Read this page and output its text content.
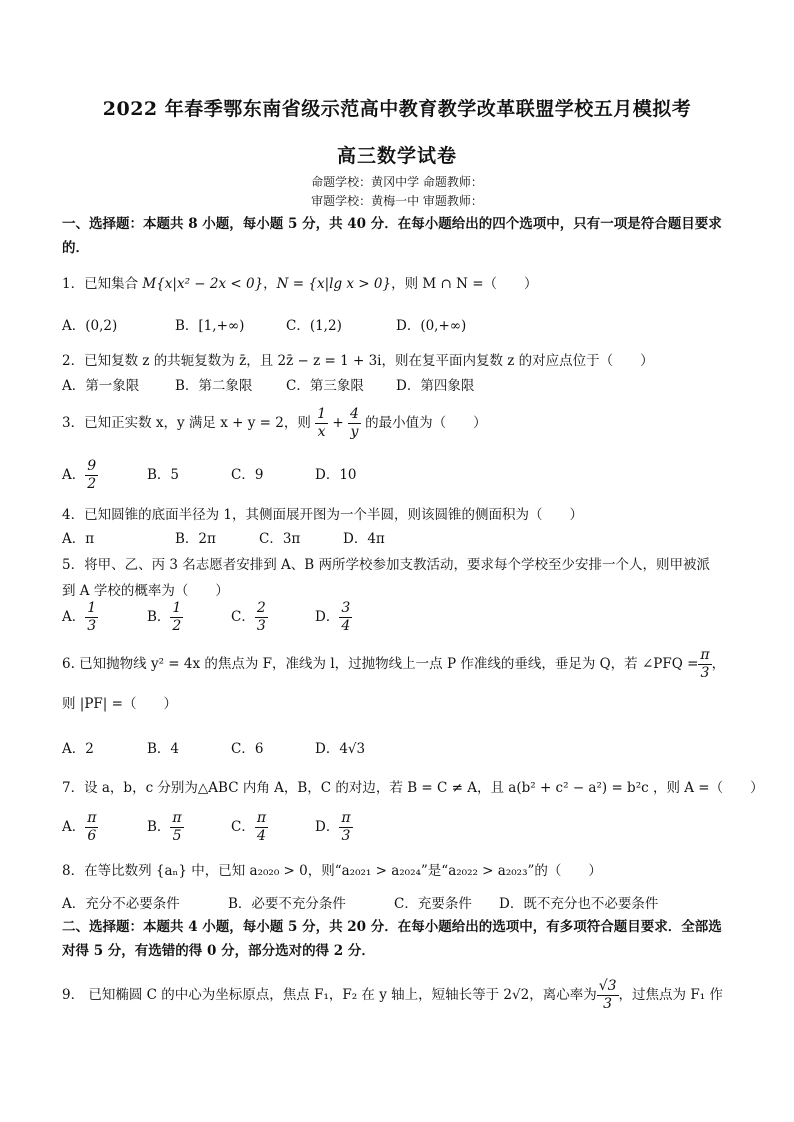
2022 年春季鄂东南省级示范高中教育教学改革联盟学校五月模拟考
高三数学试卷
命题学校：黄冈中学 命题教师：
审题学校：黄梅一中 审题教师：
一、选择题：本题共 8 小题，每小题 5 分，共 40 分．在每小题给出的四个选项中，只有一项是符合题目要求
的．
1．已知集合 M{x|x² − 2x < 0}，N = {x|lg x > 0}，则 M ∩ N =（　　）
A．(0,2)	B．[1,+∞)	C．(1,2)	D．(0,+∞)
2．已知复数 z 的共轭复数为 z̄，且 2z̄ − z = 1 + 3i，则在复平面内复数 z 的对应点位于（　　）
A．第一象限	B．第二象限 C．第三象限 D．第四象限
3．已知正实数 x，y 满足 x + y = 2，则 $\frac{1}{x} + \frac{4}{y}$ 的最小值为（　　）
A． $\frac{9}{2}$	B．5	C．9	D．10
4．已知圆锥的底面半径为 1，其侧面展开图为一个半圆，则该圆锥的侧面积为（　　）
A．π	B．2π	C．3π	D．4π
5．将甲、乙、丙 3 名志愿者安排到 A、B 两所学校参加支教活动，要求每个学校至少安排一个人，则甲被派
到 A 学校的概率为（　　）
A． $\frac{1}{3}$	B． $\frac{1}{2}$	C． $\frac{2}{3}$	D． $\frac{3}{4}$
6. 已知抛物线 y² = 4x 的焦点为 F，准线为 l，过抛物线上一点 P 作准线的垂线，垂足为 Q，若 ∠PFQ = $\frac{\pi}{3}$ ，
则 |PF| =（　　）
A．2	B．4	C．6	D．4√3
7．设 a，b，c 分别为△ABC 内角 A，B，C 的对边，若 B = C ≠ A，且 a(b² + c² − a²) = b²c ，则 A =（　　）
A． $\frac{\pi}{6}$	B． $\frac{\pi}{5}$	C． $\frac{\pi}{4}$	D． $\frac{\pi}{3}$
8．在等比数列 {aₙ} 中，已知 a₂₀₂₀ > 0，则“a₂₀₂₁ > a₂₀₂₄”是“a₂₀₂₂ > a₂₀₂₃”的（　　）
A．充分不必要条件	B．必要不充分条件	C．充要条件 D．既不充分也不必要条件
二、选择题：本题共 4 小题，每小题 5 分，共 20 分．在每小题给出的选项中，有多项符合题目要求．全部选
对得 5 分，有选错的得 0 分，部分选对的得 2 分．
9． 已知椭圆 C 的中心为坐标原点，焦点 F₁，F₂ 在 y 轴上，短轴长等于 2√2，离心率为 $\frac{√3}{3}$ ，过焦点为 F₁ 作
